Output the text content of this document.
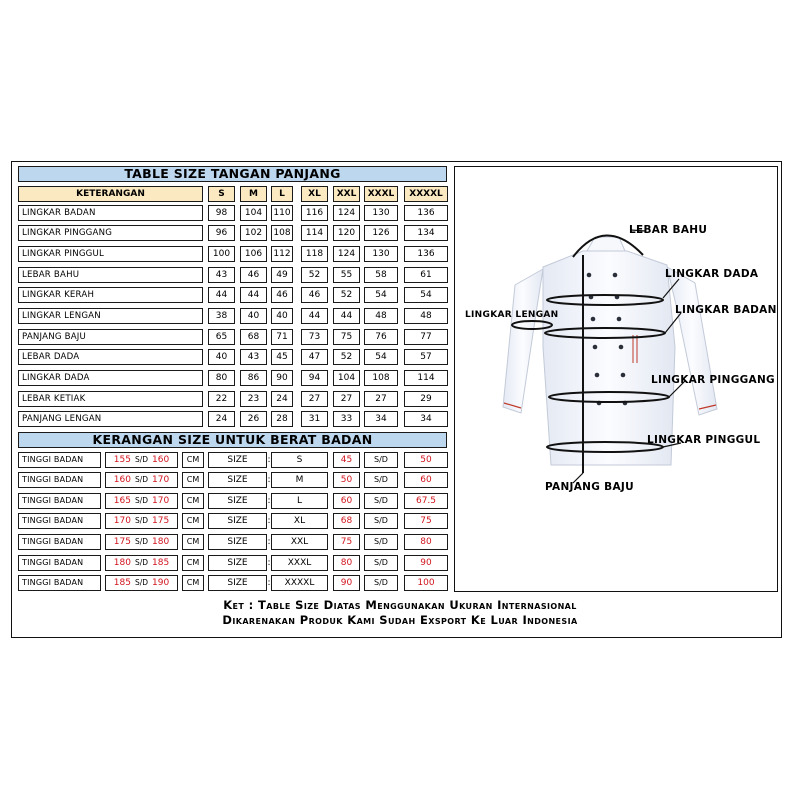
TABLE SIZE TANGAN PANJANG
KETERANGAN	S	M	L	XL	XXL	XXXL	XXXXL
LINGKAR BADAN	98	104	110	116	124	130	136
LINGKAR PINGGANG	96	102	108	114	120	126	134
LINGKAR PINGGUL	100	106	112	118	124	130	136
LEBAR BAHU	43	46	49	52	55	58	61
LINGKAR KERAH	44	44	46	46	52	54	54
LINGKAR LENGAN	38	40	40	44	44	48	48
PANJANG BAJU	65	68	71	73	75	76	77
LEBAR DADA	40	43	45	47	52	54	57
LINGKAR DADA	80	86	90	94	104	108	114
LEBAR KETIAK	22	23	24	27	27	27	29
PANJANG LENGAN	24	26	28	31	33	34	34
KERANGAN SIZE UNTUK BERAT BADAN
TINGGI BADAN	155 S/D 160	CM	SIZE	:	S	45	S/D	50
TINGGI BADAN	160 S/D 170	CM	SIZE	:	M	50	S/D	60
TINGGI BADAN	165 S/D 170	CM	SIZE	:	L	60	S/D	67.5
TINGGI BADAN	170 S/D 175	CM	SIZE	:	XL	68	S/D	75
TINGGI BADAN	175 S/D 180	CM	SIZE	:	XXL	75	S/D	80
TINGGI BADAN	180 S/D 185	CM	SIZE	:	XXXL	80	S/D	90
TINGGI BADAN	185 S/D 190	CM	SIZE	:	XXXXL	90	S/D	100
LEBAR BAHU
LINGKAR DADA
LINGKAR LENGAN	LINGKAR BADAN
LINGKAR PINGGANG
LINGKAR PINGGUL
PANJANG BAJU
Ket : Table Size Diatas Menggunakan Ukuran Internasional
Dikarenakan Produk Kami Sudah Exsport Ke Luar Indonesia
